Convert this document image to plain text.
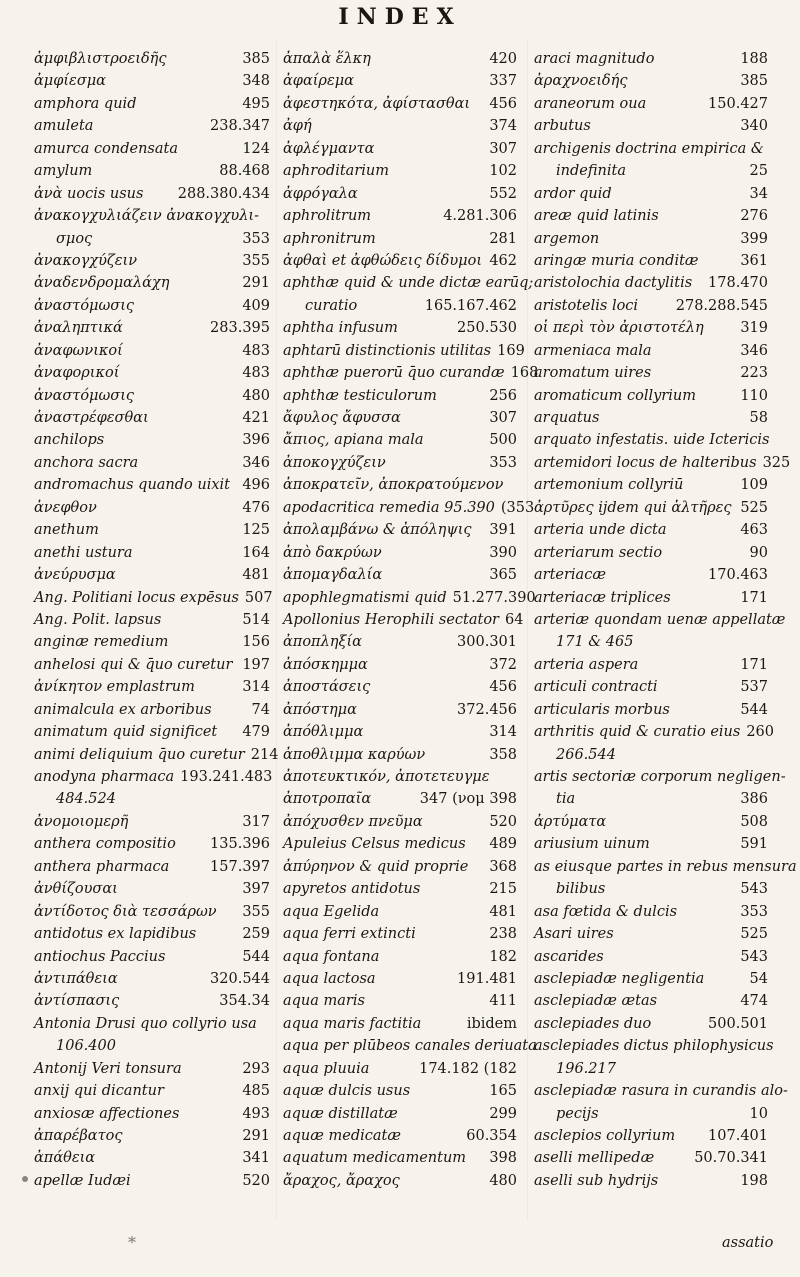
INDEX
ἀμφιβλιστροειδῆς	385
ἀμφίεσμα	348
amphora quid	495
amuleta	238.347
amurca condensata	124
amylum	88.468
ἀνὰ uocis usus	288.380.434
ἀνακογχυλιάζειν ἀνακογχυλι-
σμος	353
ἀνακογχύζειν	355
ἀναδενδρομαλάχη	291
ἀναστόμωσις	409
ἀναληπτικά	283.395
ἀναφωνικοί	483
ἀναφορικοί	483
ἀναστόμωσις	480
ἀναστρέφεσθαι	421
anchilops	396
anchora sacra	346
andromachus quando uixit 496
ἀνεφθον	476
anethum	125
anethi ustura	164
ἀνεύρυσμα	481
Ang. Politiani locus expēsus 507
Ang. Polit. lapsus	514
anginæ remedium	156
anhelosi qui & q̄uo curetur 197
ἀνίκητον emplastrum	314
animalcula ex arboribus	74
animatum quid significet	479
animi deliquium q̄uo curetur 214
anodyna pharmaca 193.241.483
484.524
ἀνομοιομερῆ	317
anthera compositio	135.396
anthera pharmaca	157.397
ἀνθίζουσαι	397
ἀντίδοτος διὰ τεσσάρων	355
antidotus ex lapidibus	259
antiochus Paccius	544
ἀντιπάθεια	320.544
ἀντίσπασις	354.34
Antonia Drusi quo collyrio usa
106.400
Antonij Veri tonsura	293
anxij qui dicantur	485
anxiosæ affectiones	493
ἀπαρέβατος	291
ἀπάθεια	341
apellæ Iudæi	520
ἀπαλὰ ἕλκη	420
ἀφαίρεμα	337
ἀφεστηκότα, ἀφίστασθαι	456
ἀφή	374
ἀφλέγμαντα	307
aphroditarium	102
ἀφρόγαλα	552
aphrolitrum	4.281.306
aphronitrum	281
ἀφθαὶ et ἀφθώδεις δίδυμοι 462
aphthæ quid & unde dictæ earūq;
curatio	165.167.462
aphtha infusum	250.530
aphtarū distinctionis utilitas 169
aphthæ puerorū q̄uo curandæ 168
aphthæ testiculorum	256
ἄφυλος ἄφυσσα	307
ἄπιος, apiana mala	500
ἀποκογχύζειν	353
ἀποκρατεῖν, ἀποκρατούμενον
apodacritica remedia 95.390 (353
ἀπολαμβάνω & ἀπόληψις	391
ἀπὸ δακρύων	390
ἀπομαγδαλία	365
apophlegmatismi quid 51.277.390
Apollonius Herophili sectator 64
ἀποπληξία	300.301
ἀπόσκημμα	372
ἀποστάσεις	456
ἀπόστημα	372.456
ἀπόθλιμμα	314
ἀποθλιμμα καρύων	358
ἀποτευκτικόν, ἀποτετευγμε
ἀποτροπαῖα	347 (νομ 398
ἀπόχυσθεν πνεῦμα	520
Apuleius Celsus medicus	489
ἀπύρηνον & quid proprie	368
apyretos antidotus	215
aqua Egelida	481
aqua ferri extincti	238
aqua fontana	182
aqua lactosa	191.481
aqua maris	411
aqua maris factitia	ibidem
aqua per plūbeos canales deriuata
aqua pluuia	174.182 (182
aquæ dulcis usus	165
aquæ distillatæ	299
aquæ medicatæ	60.354
aquatum medicamentum	398
ἄραχος, ἄραχος	480
araci magnitudo	188
ἀραχνοειδής	385
araneorum oua	150.427
arbutus	340
archigenis doctrina empirica &
indefinita	25
ardor quid	34
areæ quid latinis	276
argemon	399
aringæ muria conditæ	361
aristolochia dactylitis	178.470
aristotelis loci	278.288.545
οἱ περὶ τὸν ἀριστοτέλη	319
armeniaca mala	346
aromatum uires	223
aromaticum collyrium	110
arquatus	58
arquato infestatis. uide Ictericis
artemidori locus de halteribus 325
artemonium collyriū	109
ἀρτῦρες ijdem qui ἁλτῆρες 525
arteria unde dicta	463
arteriarum sectio	90
arteriacæ	170.463
arteriacæ triplices	171
arteriæ quondam uenæ appellatæ
171 & 465
arteria aspera	171
articuli contracti	537
articularis morbus	544
arthritis quid & curatio eius 260
266.544
artis sectoriæ corporum negligen-
tia	386
ἀρτύματα	508
ariusium uinum	591
as eiusque partes in rebus mensura
bilibus	543
asa fœtida & dulcis	353
Asari uires	525
ascarides	543
asclepiadæ negligentia	54
asclepiadæ ætas	474
asclepiades duo	500.501
asclepiades dictus philophysicus
196.217
asclepiadæ rasura in curandis alo-
pecijs	10
asclepios collyrium	107.401
aselli mellipedæ	50.70.341
aselli sub hydrijs	198
*	assatio
